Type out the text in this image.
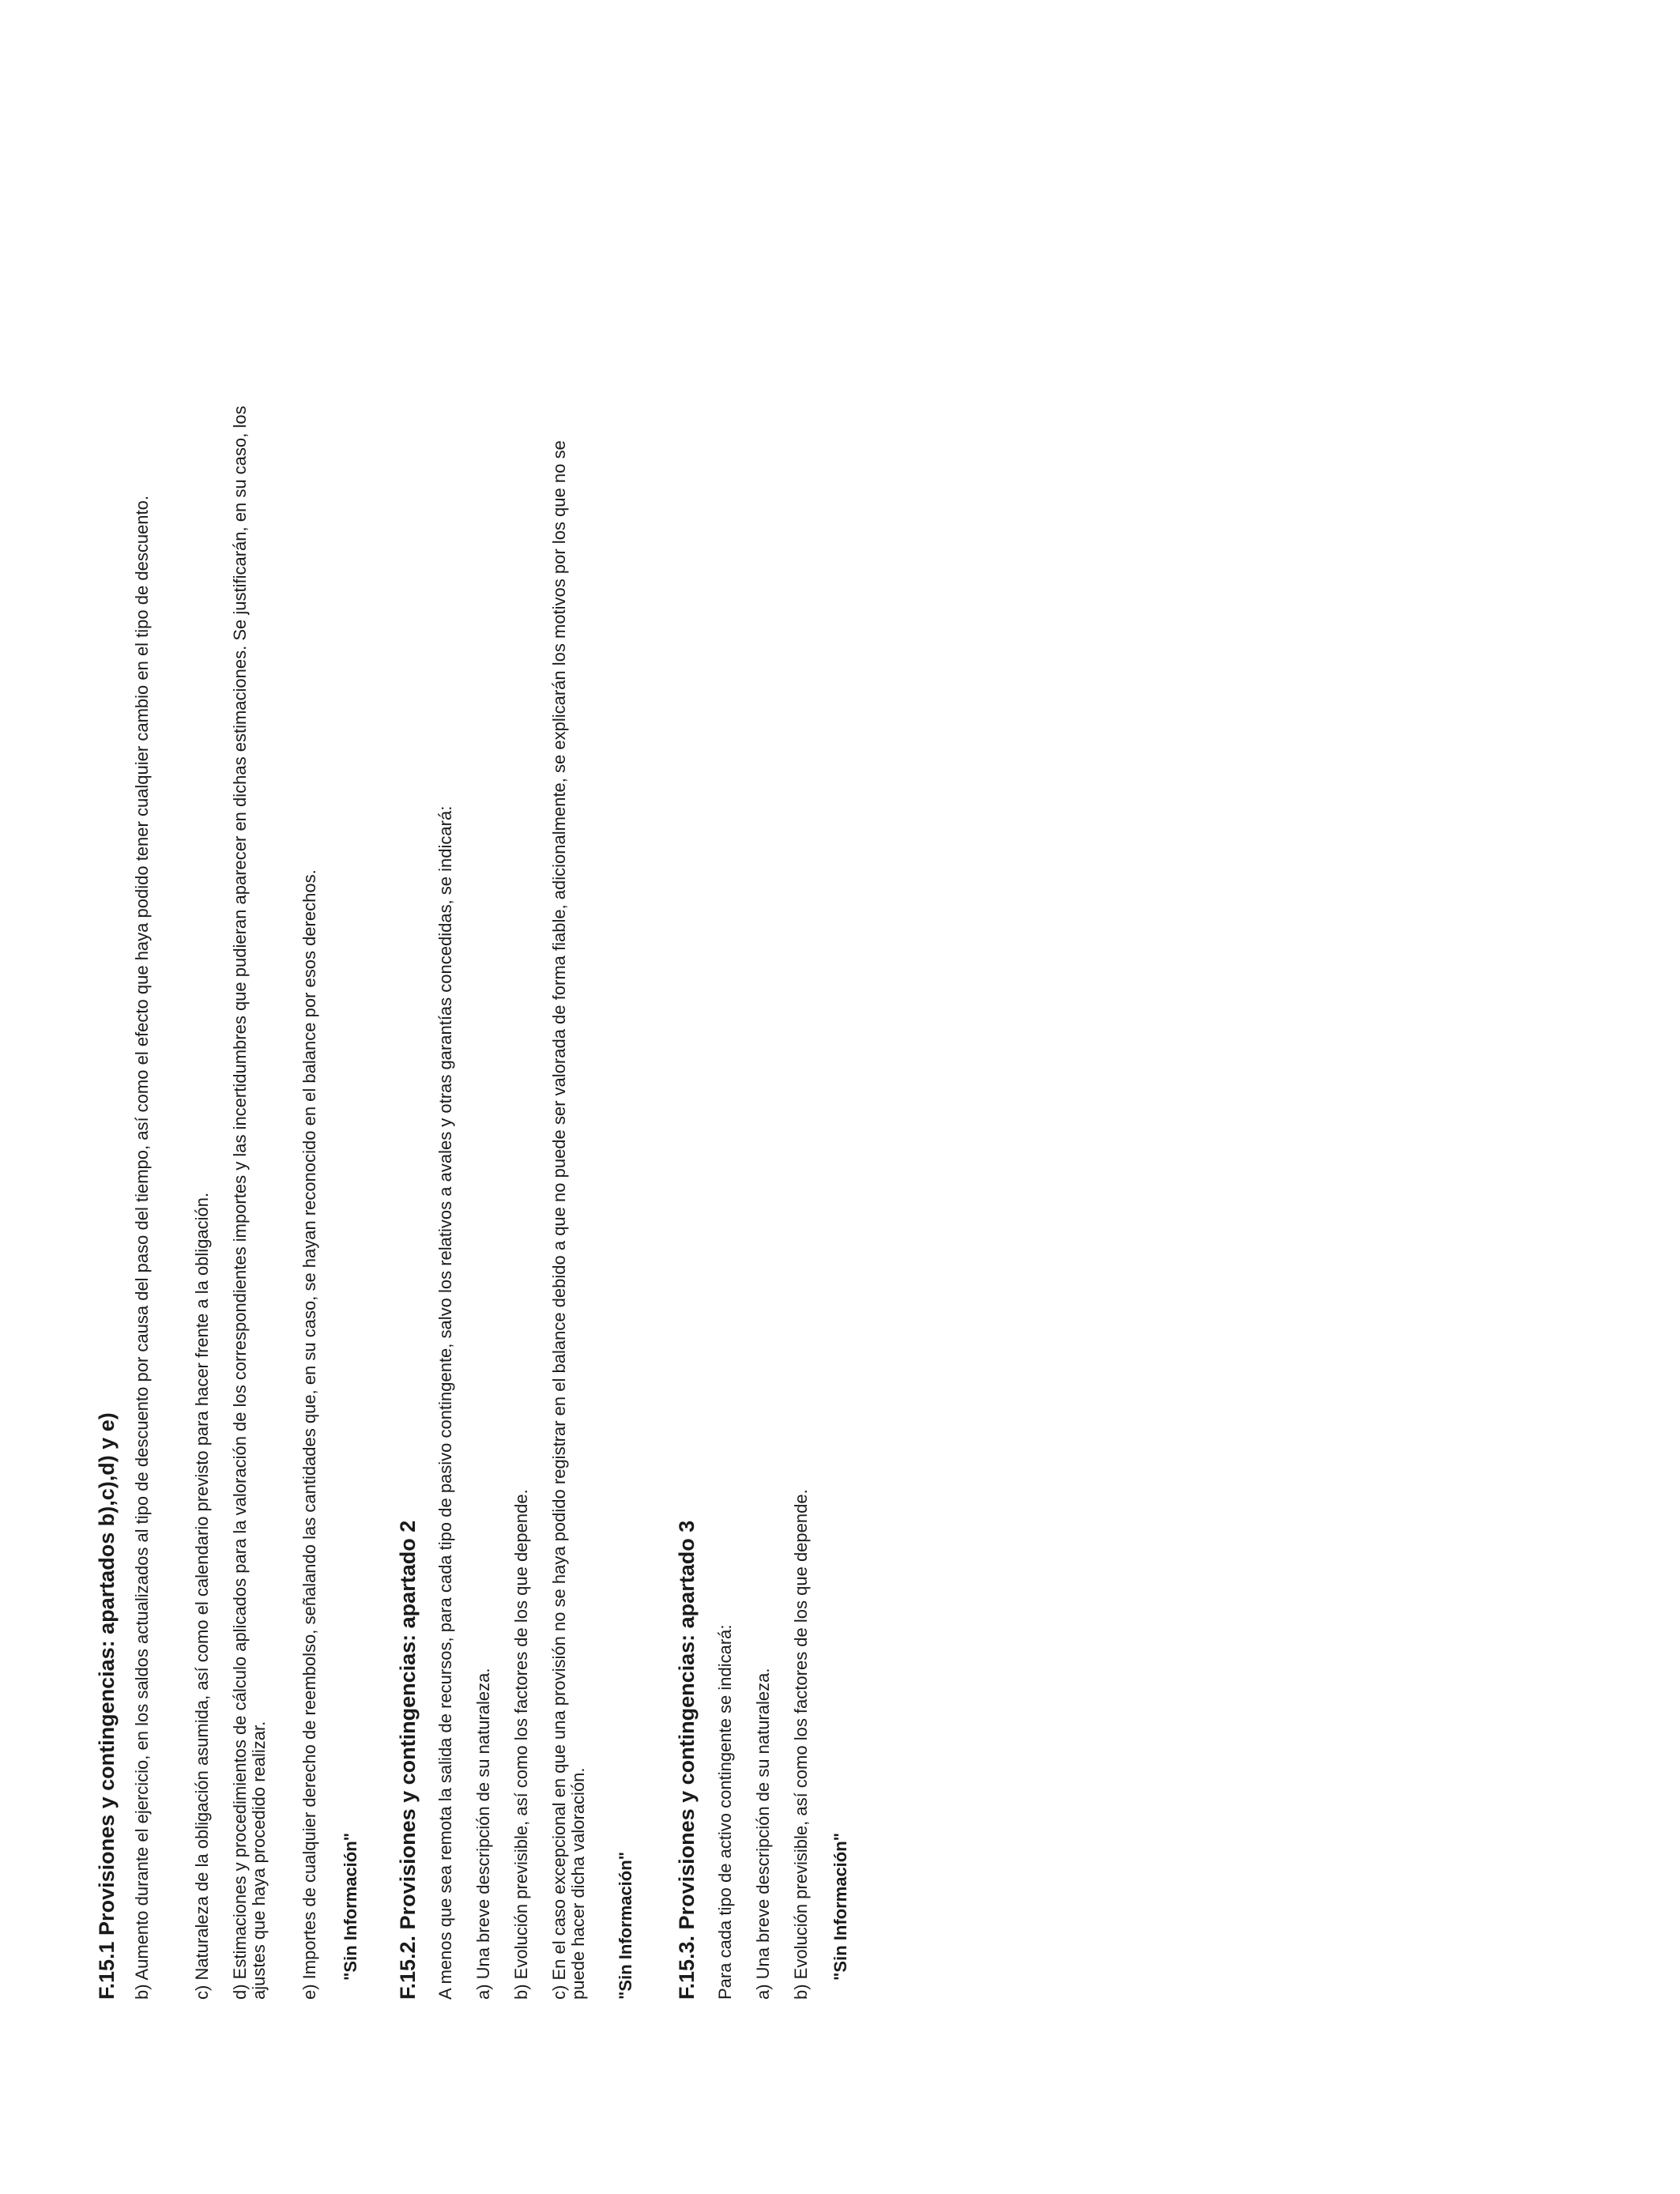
F.15.1 Provisiones y contingencias: apartados b),c),d) y e) b) Aumento durante el ejercicio, en los saldos actualizados al tipo de descuento por causa del paso del tiempo, así como el efecto que haya podido tener cualquier cambio en el tipo de descuento. c) Naturaleza de la obligación asumida, así como el calendario previsto para hacer frente a la obligación. d) Estimaciones y procedimientos de cálculo aplicados para la valoración de los correspondientes importes y las incertidumbres que pudieran aparecer en dichas estimaciones. Se justificarán, en su caso, los ajustes que haya procedido realizar. e) Importes de cualquier derecho de reembolso, señalando las cantidades que, en su caso, se hayan reconocido en el balance por esos derechos. "Sin Información" F.15.2. Provisiones y contingencias: apartado 2 A menos que sea remota la salida de recursos, para cada tipo de pasivo contingente, salvo los relativos a avales y otras garantías concedidas, se indicará: a) Una breve descripción de su naturaleza. b) Evolución previsible, así como los factores de los que depende. c) En el caso excepcional en que una provisión no se haya podido registrar en el balance debido a que no puede ser valorada de forma fiable, adicionalmente, se explicarán los motivos por los que no se puede hacer dicha valoración. "Sin Información" F.15.3. Provisiones y contingencias: apartado 3 Para cada tipo de activo contingente se indicará: a) Una breve descripción de su naturaleza. b) Evolución previsible, así como los factores de los que depende. "Sin Información"
